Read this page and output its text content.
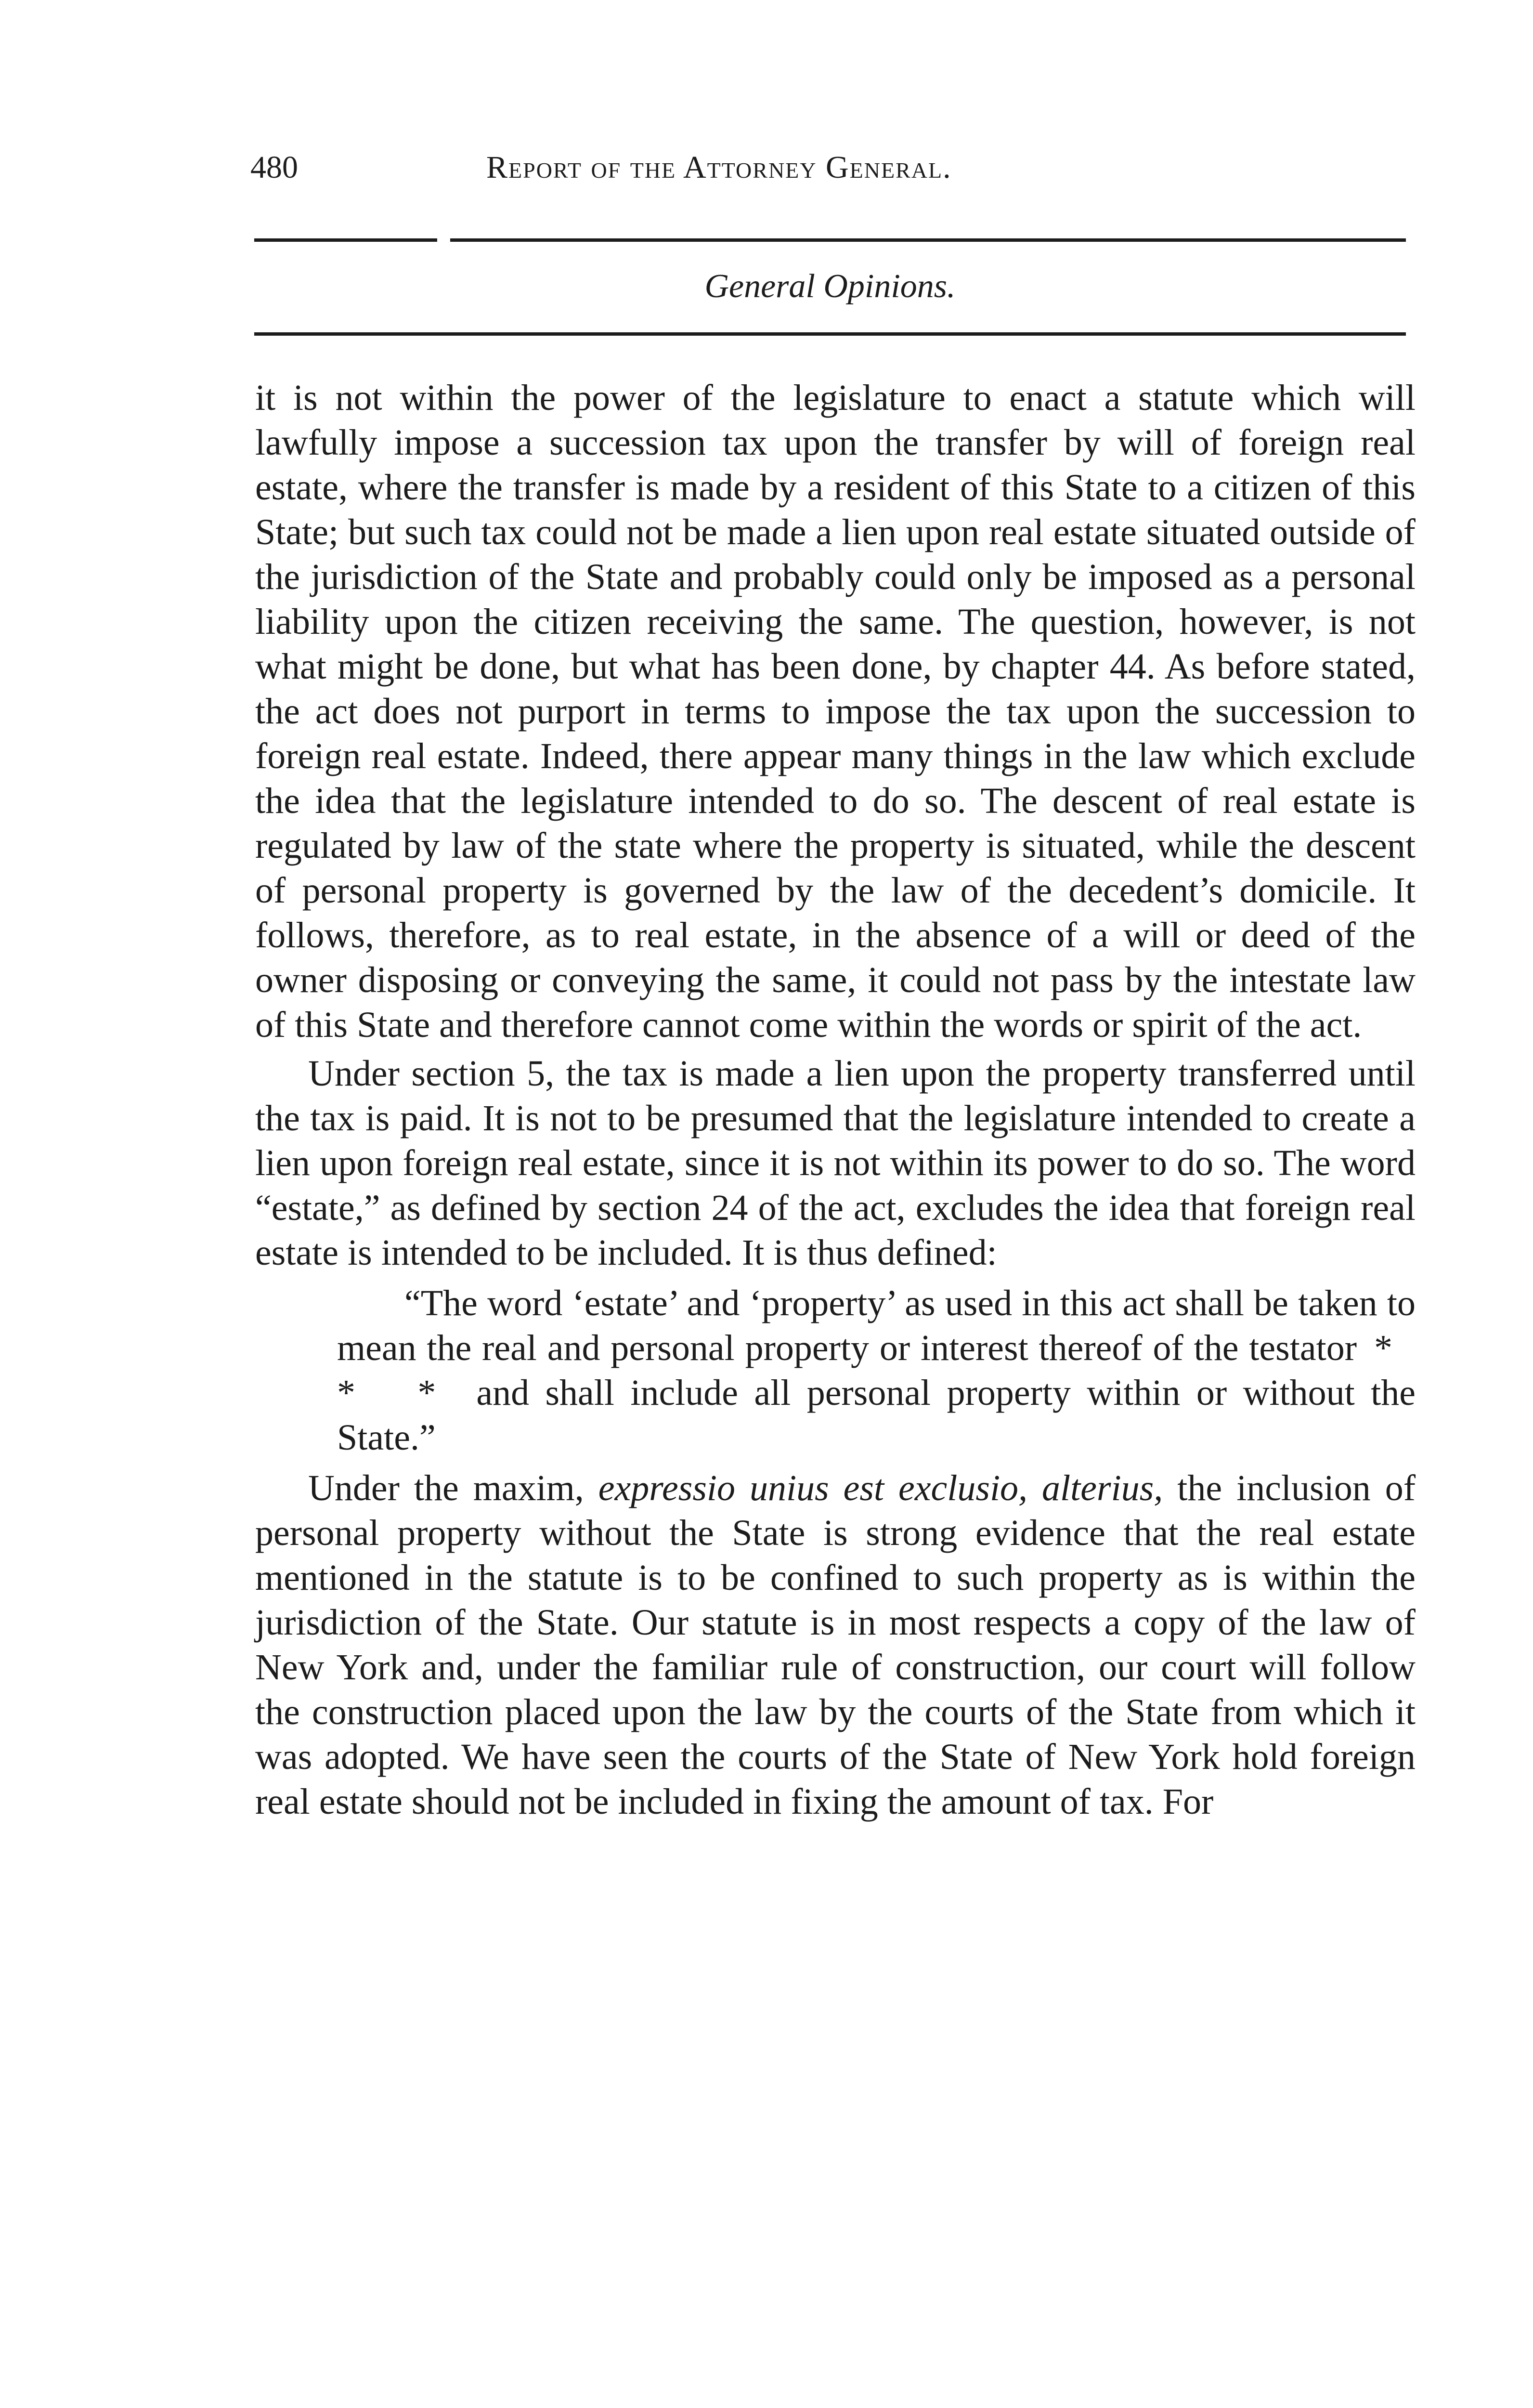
480	Report of the Attorney General.
General Opinions.

it is not within the power of the legislature to enact a statute which will lawfully impose a succession tax upon the transfer by will of foreign real estate, where the transfer is made by a resident of this State to a citizen of this State; but such tax could not be made a lien upon real estate situated outside of the jurisdiction of the State and probably could only be imposed as a personal liability upon the citizen receiving the same. The question, however, is not what might be done, but what has been done, by chapter 44. As before stated, the act does not purport in terms to impose the tax upon the succession to foreign real estate. Indeed, there appear many things in the law which exclude the idea that the legislature intended to do so. The descent of real estate is regulated by law of the state where the property is situated, while the descent of personal property is governed by the law of the decedent’s domicile. It follows, therefore, as to real estate, in the absence of a will or deed of the owner disposing or conveying the same, it could not pass by the intestate law of this State and therefore cannot come within the words or spirit of the act.

Under section 5, the tax is made a lien upon the property transferred until the tax is paid. It is not to be presumed that the legislature intended to create a lien upon foreign real estate, since it is not within its power to do so. The word “estate,” as defined by section 24 of the act, excludes the idea that foreign real estate is intended to be included. It is thus defined:

“The word ‘estate’ and ‘property’ as used in this act shall be taken to mean the real and personal property or interest thereof of the testator * * * and shall include all personal property within or without the State.”

Under the maxim, expressio unius est exclusio, alterius, the inclusion of personal property without the State is strong evidence that the real estate mentioned in the statute is to be confined to such property as is within the jurisdiction of the State. Our statute is in most respects a copy of the law of New York and, under the familiar rule of construction, our court will follow the construction placed upon the law by the courts of the State from which it was adopted. We have seen the courts of the State of New York hold foreign real estate should not be included in fixing the amount of tax. For
